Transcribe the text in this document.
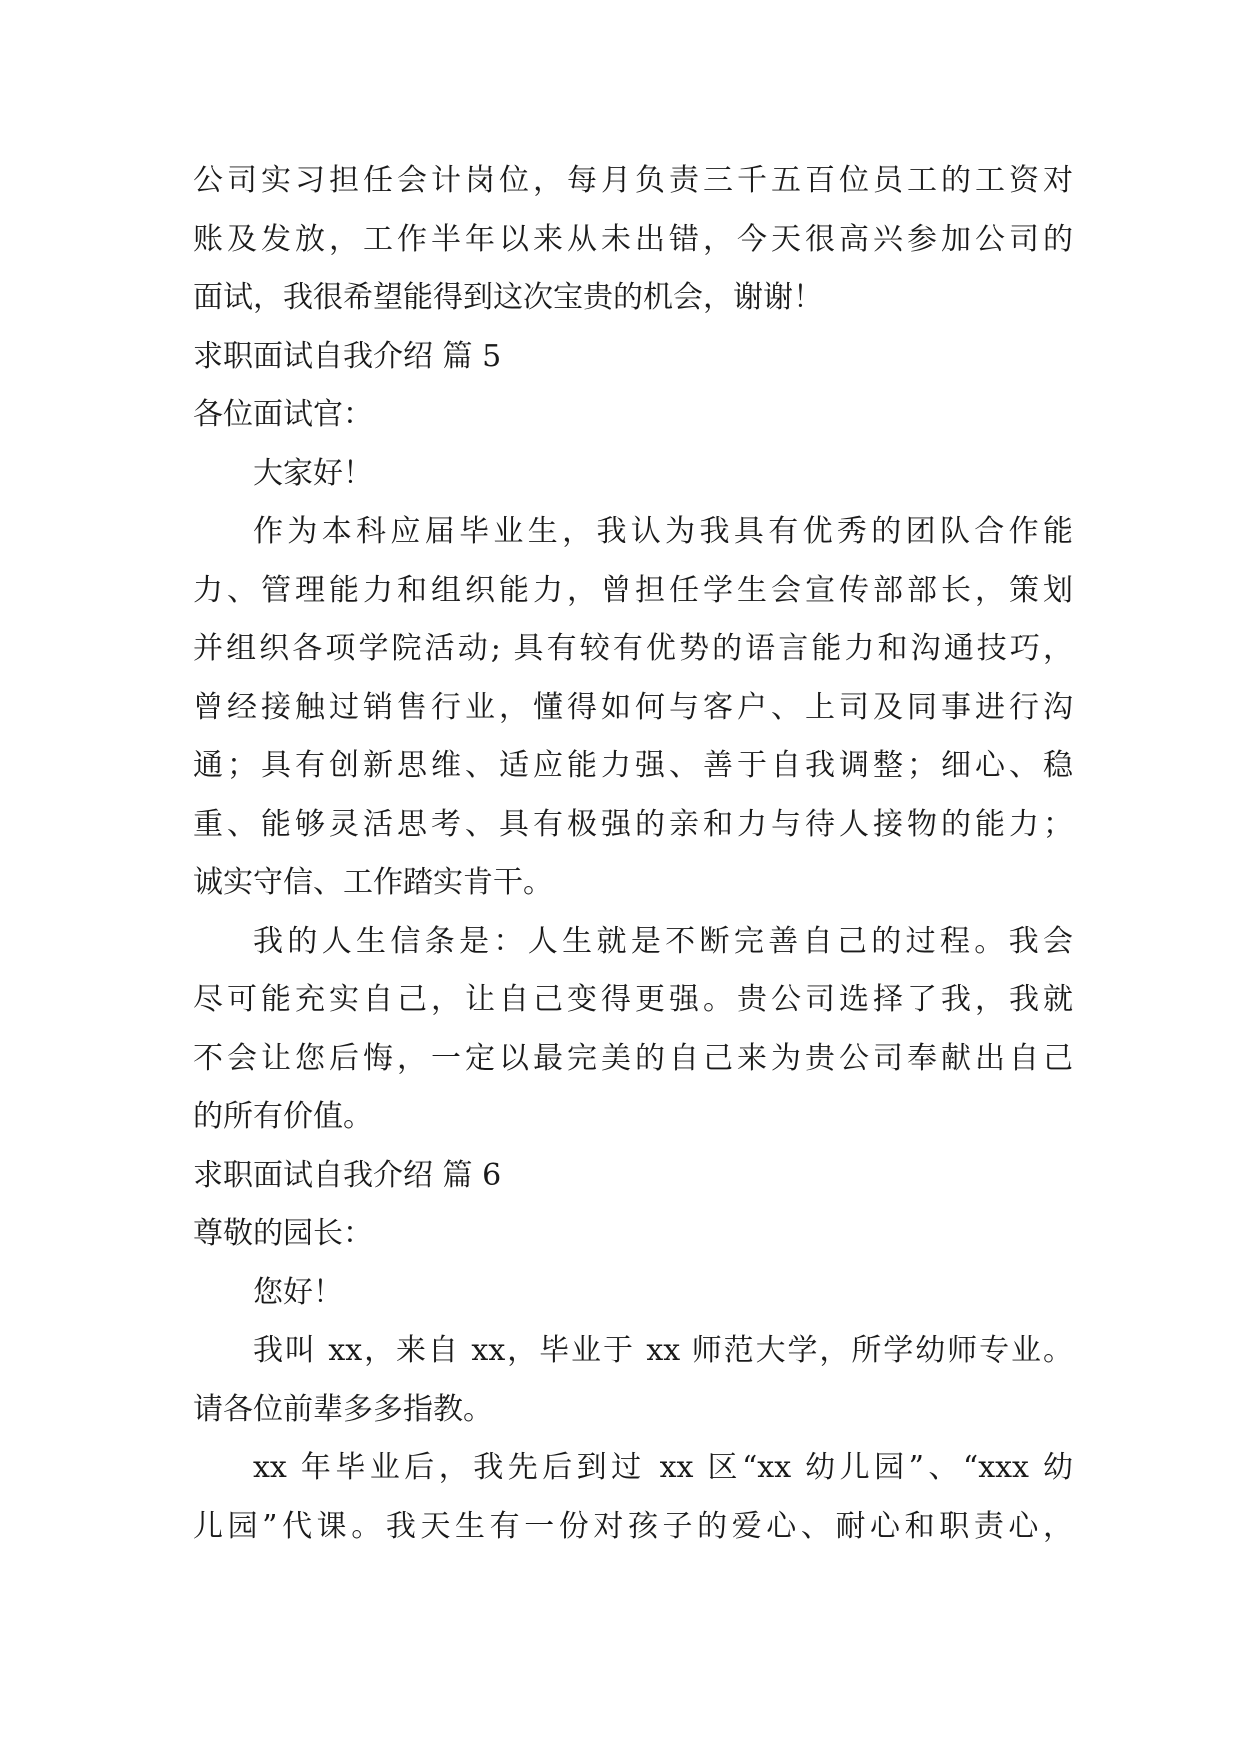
公司实习担任会计岗位，每月负责三千五百位员工的工资对

账及发放，工作半年以来从未出错，今天很高兴参加公司的

面试，我很希望能得到这次宝贵的机会，谢谢！

求职面试自我介绍 篇 5

各位面试官：

大家好！

作为本科应届毕业生，我认为我具有优秀的团队合作能

力、管理能力和组织能力，曾担任学生会宣传部部长，策划

并组织各项学院活动; 具有较有优势的语言能力和沟通技巧，

曾经接触过销售行业，懂得如何与客户、上司及同事进行沟

通；具有创新思维、适应能力强、善于自我调整；细心、稳

重、能够灵活思考、具有极强的亲和力与待人接物的能力；

诚实守信、工作踏实肯干。

我的人生信条是：人生就是不断完善自己的过程。我会

尽可能充实自己，让自己变得更强。贵公司选择了我，我就

不会让您后悔，一定以最完美的自己来为贵公司奉献出自己

的所有价值。

求职面试自我介绍 篇 6

尊敬的园长：

您好！

我叫 xx，来自 xx，毕业于 xx 师范大学，所学幼师专业。

请各位前辈多多指教。

xx 年毕业后，我先后到过 xx 区“xx 幼儿园”、“xxx 幼

儿园”代课。我天生有一份对孩子的爱心、耐心和职责心，
